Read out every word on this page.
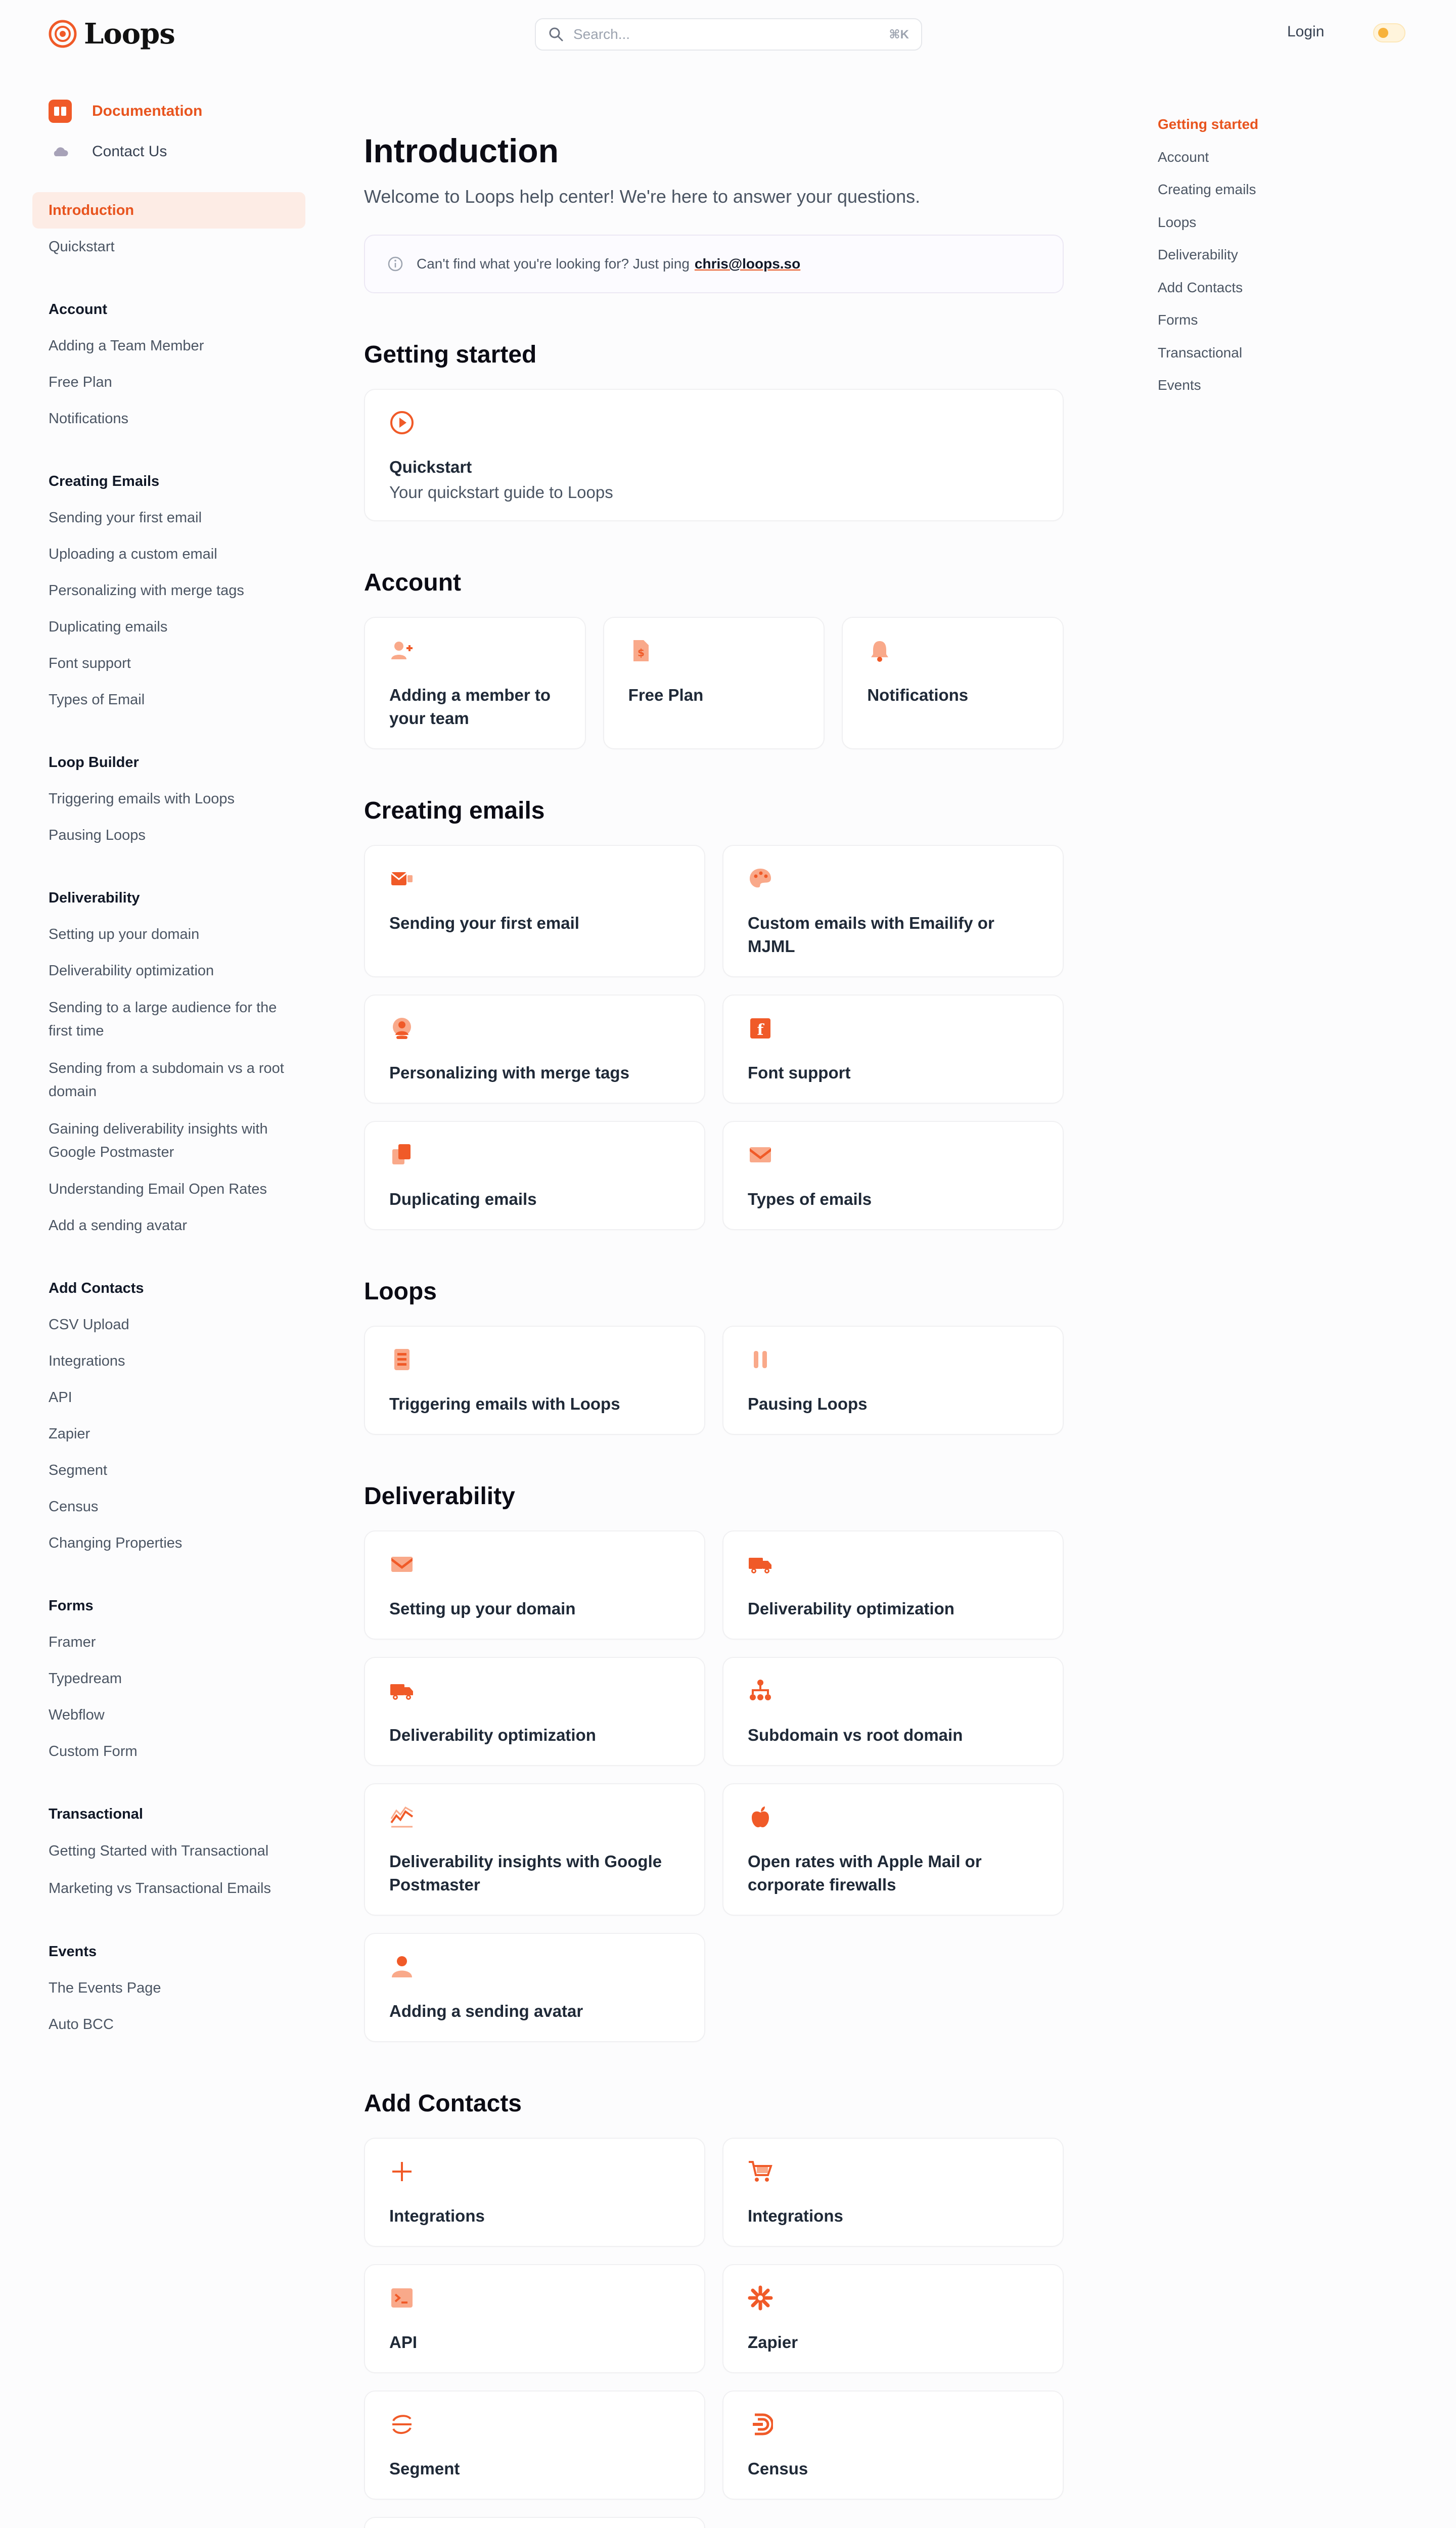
Loops	Search...	⌘K	Login
Documentation
Contact Us
Introduction
Quickstart
Account
Adding a Team Member
Free Plan
Notifications
Creating Emails
Sending your first email
Uploading a custom email
Personalizing with merge tags
Duplicating emails
Font support
Types of Email
Loop Builder
Triggering emails with Loops
Pausing Loops
Deliverability
Setting up your domain
Deliverability optimization
Sending to a large audience for the first time
Sending from a subdomain vs a root domain
Gaining deliverability insights with Google Postmaster
Understanding Email Open Rates
Add a sending avatar
Add Contacts
CSV Upload
Integrations
API
Zapier
Segment
Census
Changing Properties
Forms
Framer
Typedream
Webflow
Custom Form
Transactional
Getting Started with Transactional
Marketing vs Transactional Emails
Events
The Events Page
Auto BCC
Introduction

Welcome to Loops help center! We're here to answer your questions.

Can't find what you're looking for? Just ping chris@loops.so
Getting started
Quickstart
Your quickstart guide to Loops
Account
Adding a member to your team
$
Free Plan	Notifications
Creating emails
Sending your first email	Custom emails with Emailify or MJML
Personalizing with merge tags
f
Font support
Duplicating emails	Types of emails
Loops
Triggering emails with Loops	Pausing Loops
Deliverability
Setting up your domain	Deliverability optimization
Deliverability optimization	Subdomain vs root domain
Deliverability insights with Google Postmaster
Open rates with Apple Mail or corporate firewalls
Adding a sending avatar
Add Contacts
Integrations	Integrations
API	Zapier
Segment	Census
Getting started
Account
Creating emails
Loops
Deliverability
Add Contacts
Forms
Transactional
Events
